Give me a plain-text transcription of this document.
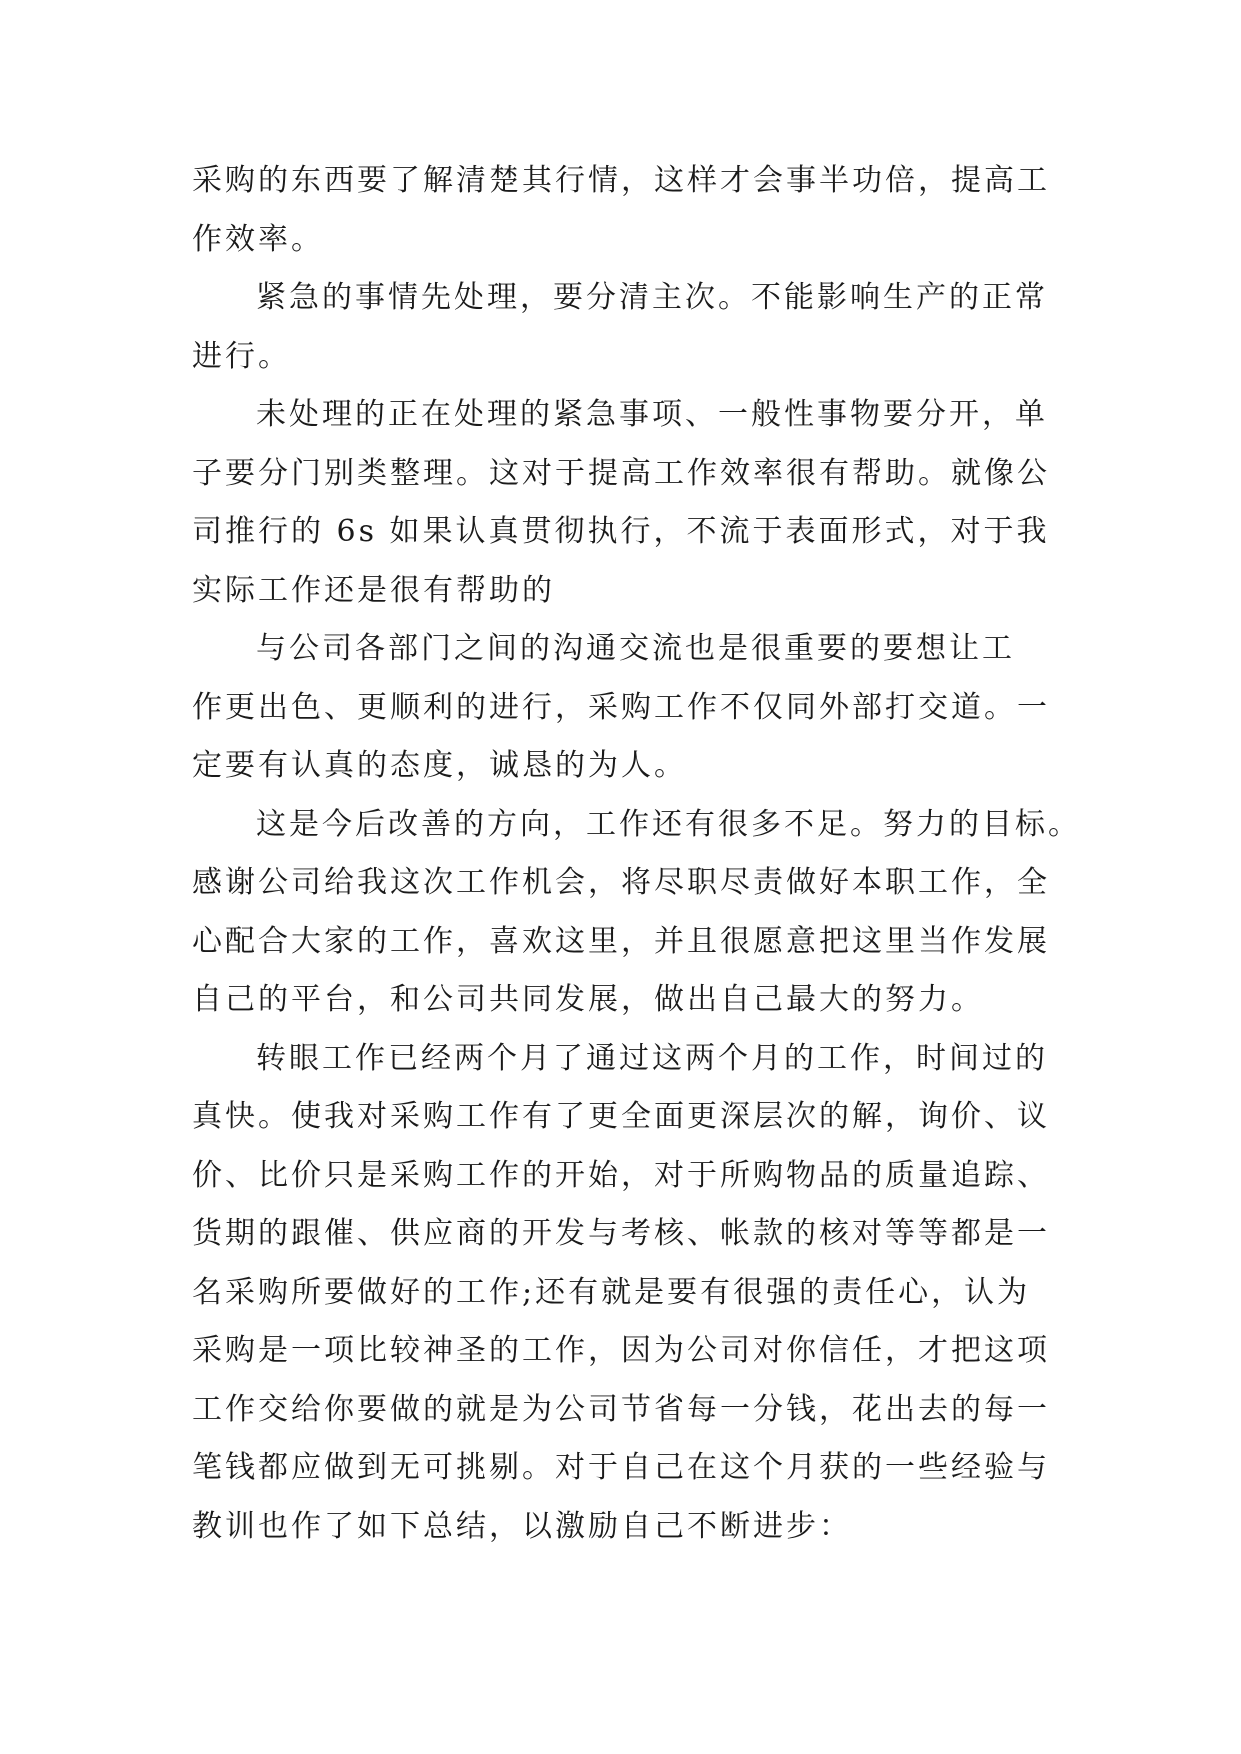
采购的东西要了解清楚其行情，这样才会事半功倍，提高工
作效率。
紧急的事情先处理，要分清主次。不能影响生产的正常
进行。
未处理的正在处理的紧急事项、一般性事物要分开，单
子要分门别类整理。这对于提高工作效率很有帮助。就像公
司推行的 6s 如果认真贯彻执行，不流于表面形式，对于我
实际工作还是很有帮助的
与公司各部门之间的沟通交流也是很重要的要想让工
作更出色、更顺利的进行，采购工作不仅同外部打交道。一
定要有认真的态度，诚恳的为人。
这是今后改善的方向，工作还有很多不足。努力的目标。
感谢公司给我这次工作机会，将尽职尽责做好本职工作，全
心配合大家的工作，喜欢这里，并且很愿意把这里当作发展
自己的平台，和公司共同发展，做出自己最大的努力。
转眼工作已经两个月了通过这两个月的工作，时间过的
真快。使我对采购工作有了更全面更深层次的解，询价、议
价、比价只是采购工作的开始，对于所购物品的质量追踪、
货期的跟催、供应商的开发与考核、帐款的核对等等都是一
名采购所要做好的工作;还有就是要有很强的责任心，认为
采购是一项比较神圣的工作，因为公司对你信任，才把这项
工作交给你要做的就是为公司节省每一分钱，花出去的每一
笔钱都应做到无可挑剔。对于自己在这个月获的一些经验与
教训也作了如下总结，以激励自己不断进步：
